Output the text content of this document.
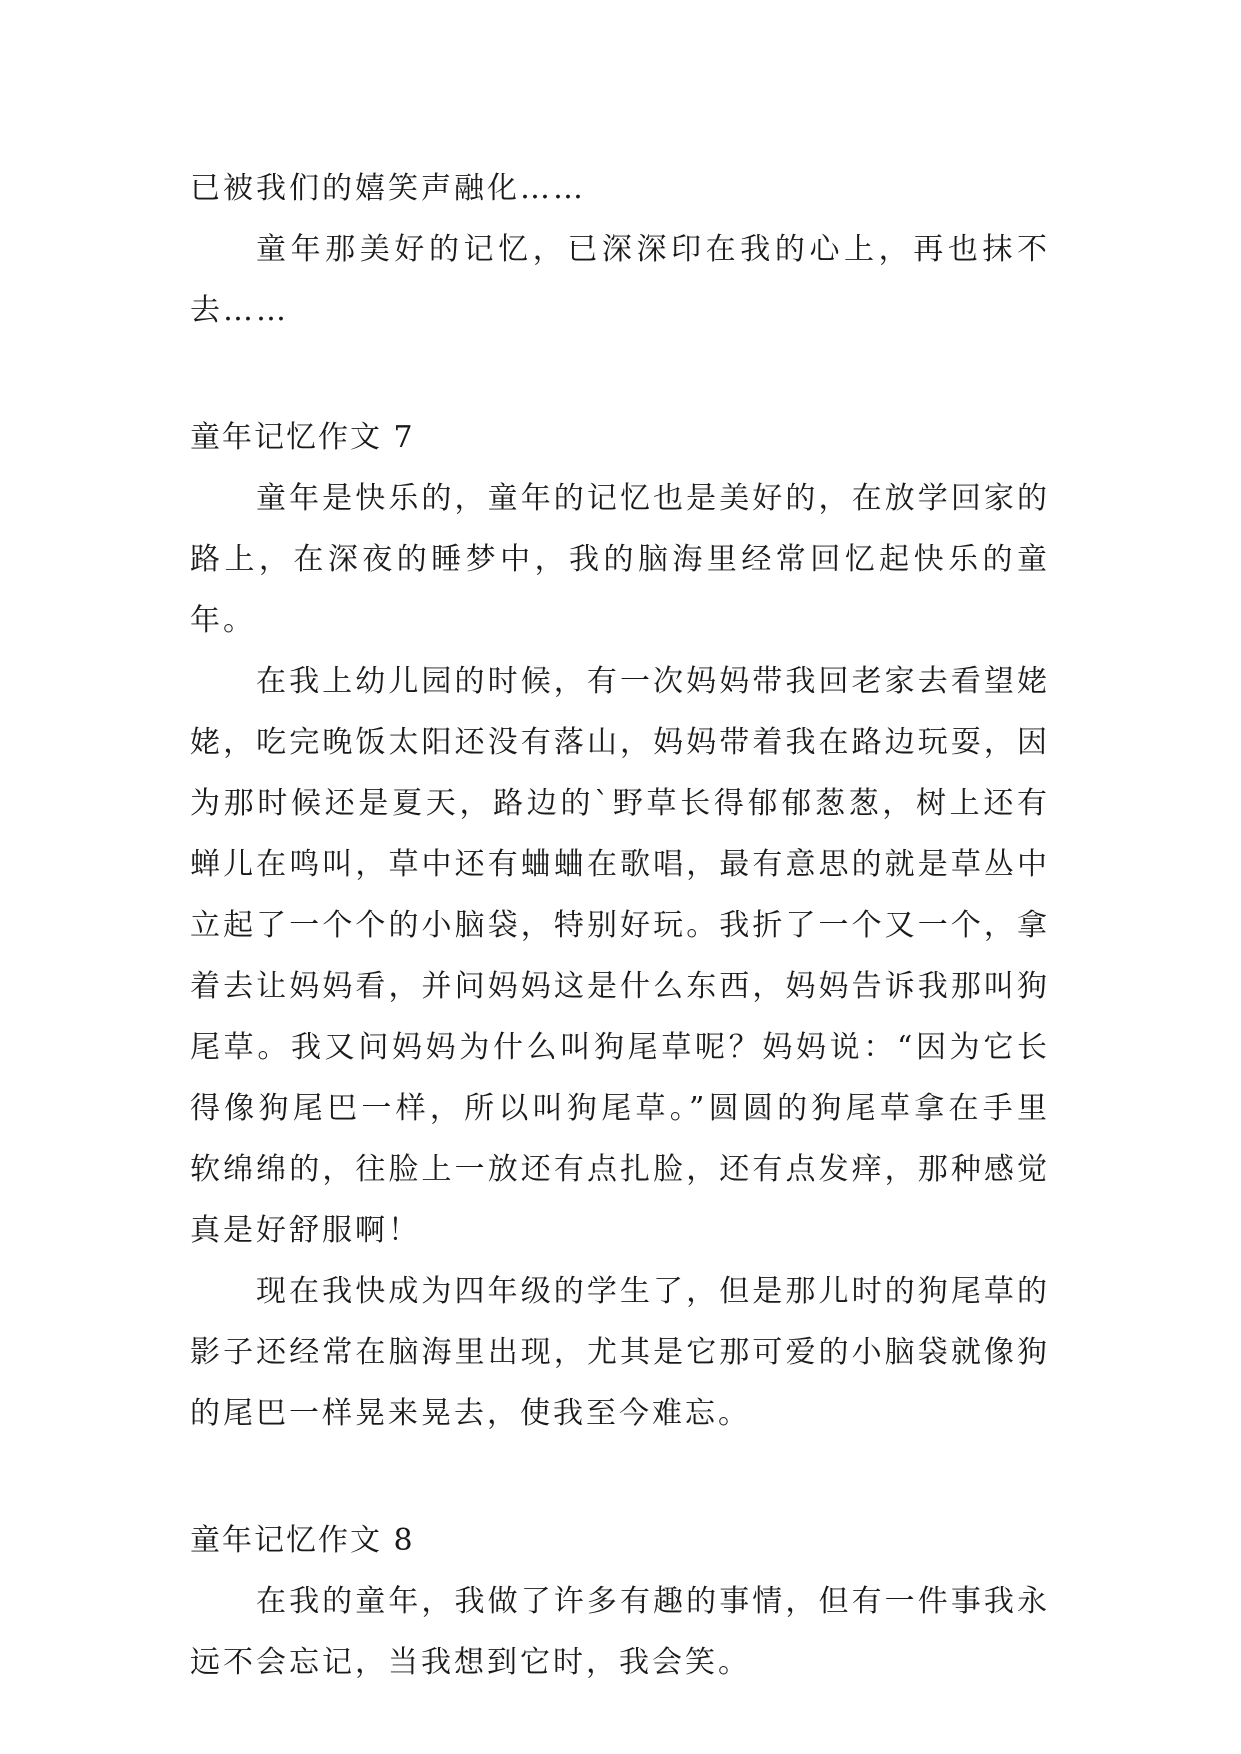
已被我们的嬉笑声融化……

童年那美好的记忆，已深深印在我的心上，再也抹不去……

童年记忆作文 7

童年是快乐的，童年的记忆也是美好的，在放学回家的路上，在深夜的睡梦中，我的脑海里经常回忆起快乐的童年。

在我上幼儿园的时候，有一次妈妈带我回老家去看望姥姥，吃完晚饭太阳还没有落山，妈妈带着我在路边玩耍，因为那时候还是夏天，路边的`野草长得郁郁葱葱，树上还有蝉儿在鸣叫，草中还有蛐蛐在歌唱，最有意思的就是草丛中立起了一个个的小脑袋，特别好玩。我折了一个又一个，拿着去让妈妈看，并问妈妈这是什么东西，妈妈告诉我那叫狗尾草。我又问妈妈为什么叫狗尾草呢？妈妈说：“因为它长得像狗尾巴一样，所以叫狗尾草。”圆圆的狗尾草拿在手里软绵绵的，往脸上一放还有点扎脸，还有点发痒，那种感觉真是好舒服啊！

现在我快成为四年级的学生了，但是那儿时的狗尾草的影子还经常在脑海里出现，尤其是它那可爱的小脑袋就像狗的尾巴一样晃来晃去，使我至今难忘。

童年记忆作文 8

在我的童年，我做了许多有趣的事情，但有一件事我永远不会忘记，当我想到它时，我会笑。
